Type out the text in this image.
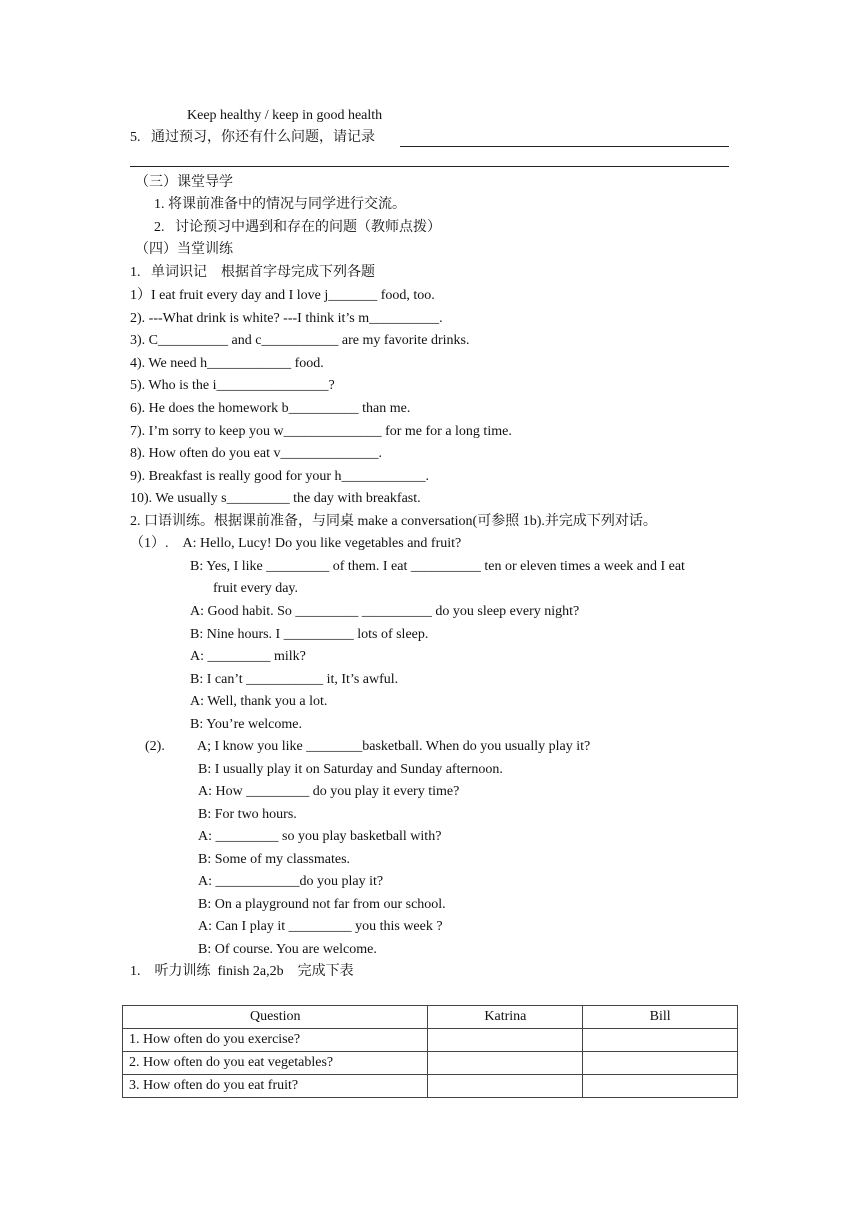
Keep healthy / keep in good health
5.   通过预习，你还有什么问题，请记录
（三）课堂导学
1. 将课前准备中的情况与同学进行交流。
2.   讨论预习中遇到和存在的问题（教师点拨）
（四）当堂训练
1.   单词识记    根据首字母完成下列各题
1）I eat fruit every day and I love j_______ food, too.
2). ---What drink is white? ---I think it’s m__________.
3). C__________ and c___________ are my favorite drinks.
4). We need h____________ food.
5). Who is the i________________?
6). He does the homework b__________ than me.
7). I’m sorry to keep you w______________ for me for a long time.
8). How often do you eat v______________.
9). Breakfast is really good for your h____________.
10). We usually s_________ the day with breakfast.
2. 口语训练。根据课前准备，与同桌 make a conversation(可参照 1b).并完成下列对话。
（1）.    A: Hello, Lucy! Do you like vegetables and fruit?
B: Yes, I like _________ of them. I eat __________ ten or eleven times a week and I eat
fruit every day.
A: Good habit. So _________ __________ do you sleep every night?
B: Nine hours. I __________ lots of sleep.
A: _________ milk?
B: I can’t ___________ it, It’s awful.
A: Well, thank you a lot.
B: You’re welcome.
(2). A; I know you like ________basketball. When do you usually play it?
B: I usually play it on Saturday and Sunday afternoon.
A: How _________ do you play it every time?
B: For two hours.
A: _________ so you play basketball with?
B: Some of my classmates.
A: ____________do you play it?
B: On a playground not far from our school.
A: Can I play it _________ you this week ?
B: Of course. You are welcome.
1.    听力训练  finish 2a,2b    完成下表
Question	Katrina	Bill
1. How often do you exercise?		
2. How often do you eat vegetables?		
3. How often do you eat fruit?		
